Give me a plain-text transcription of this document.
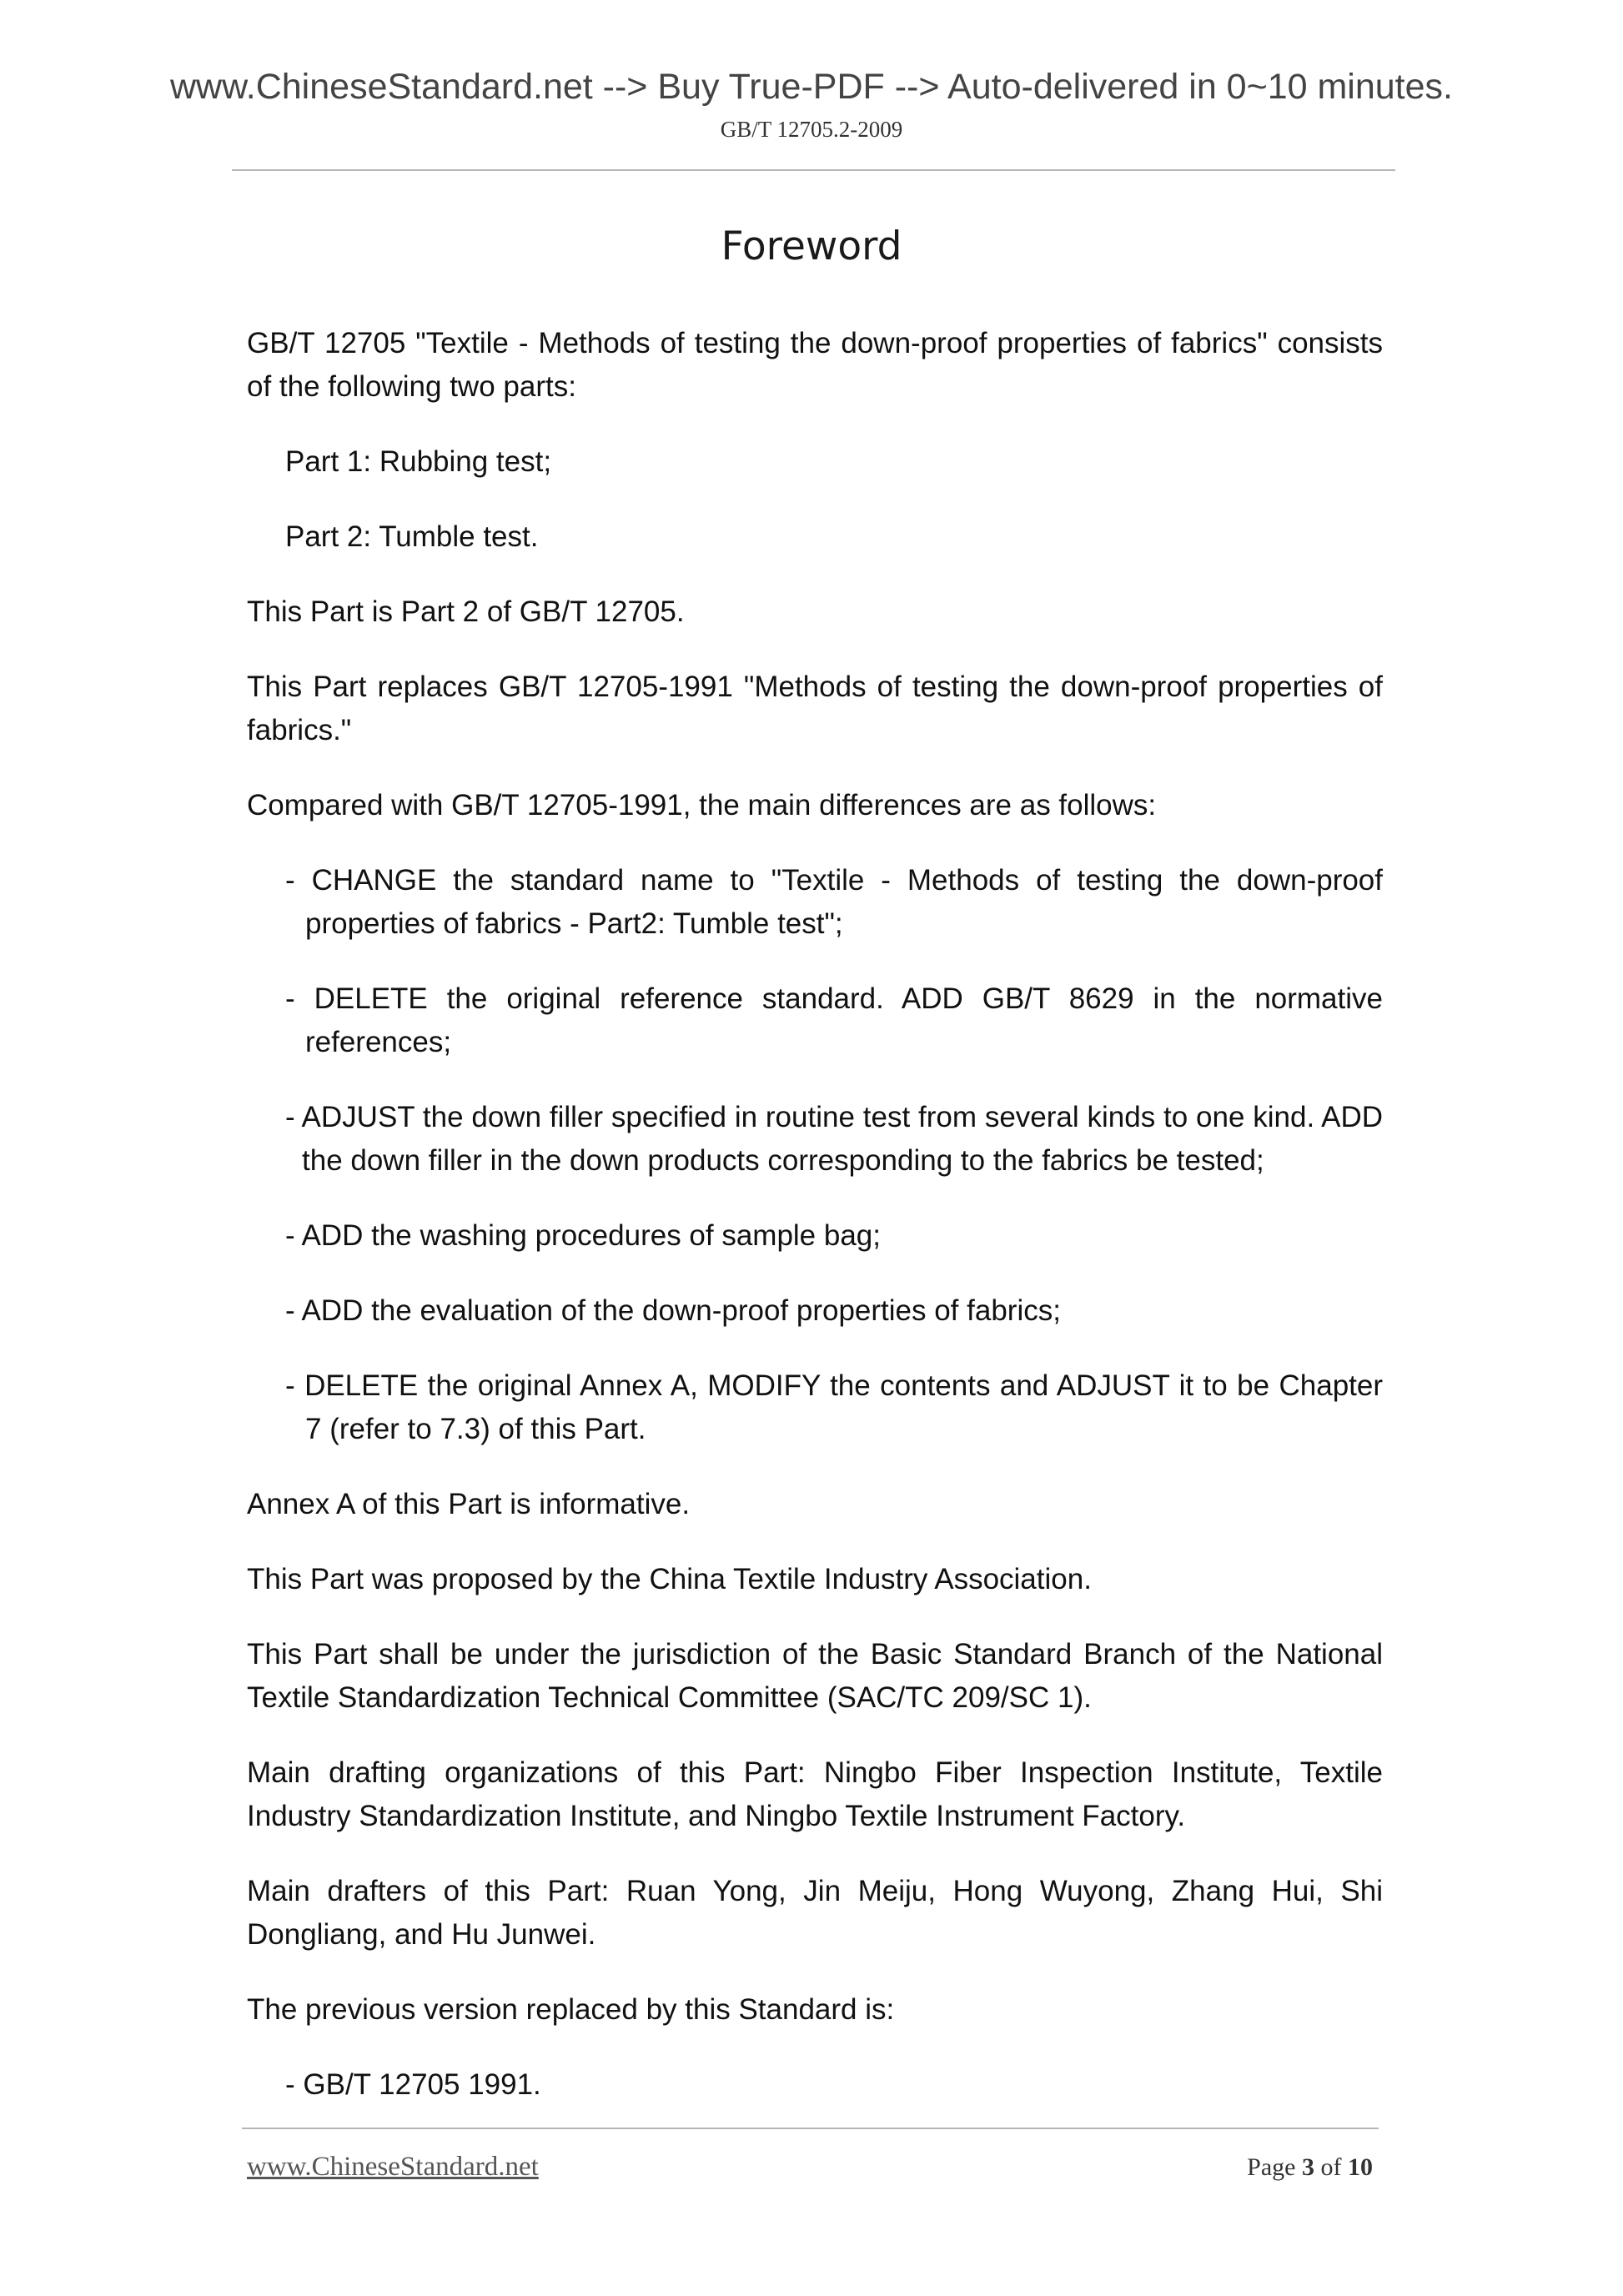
www.ChineseStandard.net --> Buy True-PDF --> Auto-delivered in 0~10 minutes.
GB/T 12705.2-2009
Foreword

GB/T 12705 "Textile - Methods of testing the down-proof properties of fabrics" consists of the following two parts:

Part 1: Rubbing test;

Part 2: Tumble test.

This Part is Part 2 of GB/T 12705.

This Part replaces GB/T 12705-1991 "Methods of testing the down-proof properties of fabrics."

Compared with GB/T 12705-1991, the main differences are as follows:

- CHANGE the standard name to "Textile - Methods of testing the down-proof properties of fabrics - Part2: Tumble test";
- DELETE the original reference standard. ADD GB/T 8629 in the normative references;
- ADJUST the down filler specified in routine test from several kinds to one kind. ADD the down filler in the down products corresponding to the fabrics be tested;
- ADD the washing procedures of sample bag;
- ADD the evaluation of the down-proof properties of fabrics;
- DELETE the original Annex A, MODIFY the contents and ADJUST it to be Chapter 7 (refer to 7.3) of this Part.

Annex A of this Part is informative.

This Part was proposed by the China Textile Industry Association.

This Part shall be under the jurisdiction of the Basic Standard Branch of the National Textile Standardization Technical Committee (SAC/TC 209/SC 1).

Main drafting organizations of this Part: Ningbo Fiber Inspection Institute, Textile Industry Standardization Institute, and Ningbo Textile Instrument Factory.

Main drafters of this Part: Ruan Yong, Jin Meiju, Hong Wuyong, Zhang Hui, Shi Dongliang, and Hu Junwei.

The previous version replaced by this Standard is:

- GB/T 12705 1991.

www.ChineseStandard.net	Page 3 of 10
